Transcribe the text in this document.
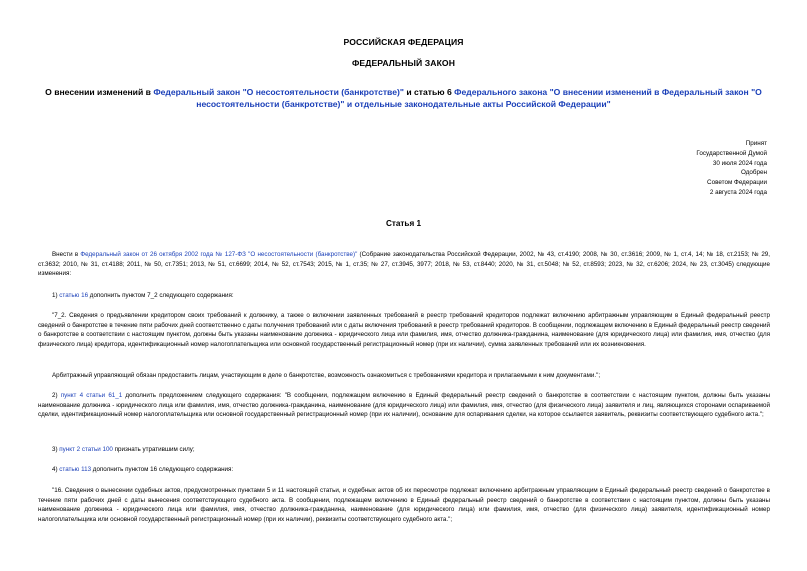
РОССИЙСКАЯ ФЕДЕРАЦИЯ
ФЕДЕРАЛЬНЫЙ ЗАКОН
О внесении изменений в Федеральный закон "О несостоятельности (банкротстве)" и статью 6 Федерального закона "О внесении изменений в Федеральный закон "О несостоятельности (банкротстве)" и отдельные законодательные акты Российской Федерации"
Принят
Государственной Думой
30 июля 2024 года
Одобрен
Советом Федерации
2 августа 2024 года
Статья 1
Внести в Федеральный закон от 26 октября 2002 года № 127-ФЗ "О несостоятельности (банкротстве)" (Собрание законодательства Российской Федерации, 2002, № 43, ст.4190; 2008, № 30, ст.3616; 2009, № 1, ст.4, 14; № 18, ст.2153; № 29, ст.3632; 2010, № 31, ст.4188; 2011, № 50, ст.7351; 2013, № 51, ст.6699; 2014, № 52, ст.7543; 2015, № 1, ст.35; № 27, ст.3945, 3977; 2018, № 53, ст.8440; 2020, № 31, ст.5048; № 52, ст.8593; 2023, № 32, ст.6206; 2024, № 23, ст.3045) следующие изменения:
1) статью 16 дополнить пунктом 7_2 следующего содержания:
"7_2. Сведения о предъявлении кредитором своих требований к должнику, а также о включении заявленных требований в реестр требований кредиторов подлежат включению арбитражным управляющим в Единый федеральный реестр сведений о банкротстве в течение пяти рабочих дней соответственно с даты получения требований или с даты включения требований в реестр требований кредиторов. В сообщении, подлежащем включению в Единый федеральный реестр сведений о банкротстве в соответствии с настоящим пунктом, должны быть указаны наименование должника - юридического лица или фамилия, имя, отчество должника-гражданина, наименование (для юридического лица) или фамилия, имя, отчество (для физического лица) кредитора, идентификационный номер налогоплательщика или основной государственный регистрационный номер (при их наличии), сумма заявленных требований или их возникновения.
Арбитражный управляющий обязан предоставить лицам, участвующим в деле о банкротстве, возможность ознакомиться с требованиями кредитора и прилагаемыми к ним документами.";
2) пункт 4 статьи 61_1 дополнить предложением следующего содержания: "В сообщении, подлежащем включению в Единый федеральный реестр сведений о банкротстве в соответствии с настоящим пунктом, должны быть указаны наименование должника - юридического лица или фамилия, имя, отчество должника-гражданина, наименование (для юридического лица) или фамилия, имя, отчество (для физического лица) заявителя и лиц, являющихся сторонами оспариваемой сделки, идентификационный номер налогоплательщика или основной государственный регистрационный номер (при их наличии), основание для оспаривания сделки, на которое ссылается заявитель, реквизиты соответствующего судебного акта.";
3) пункт 2 статьи 100 признать утратившим силу;
4) статью 113 дополнить пунктом 16 следующего содержания:
"16. Сведения о вынесении судебных актов, предусмотренных пунктами 5 и 11 настоящей статьи, и судебных актов об их пересмотре подлежат включению арбитражным управляющим в Единый федеральный реестр сведений о банкротстве в течение пяти рабочих дней с даты вынесения соответствующего судебного акта. В сообщении, подлежащем включению в Единый федеральный реестр сведений о банкротстве в соответствии с настоящим пунктом, должны быть указаны наименование должника - юридического лица или фамилия, имя, отчество должника-гражданина, наименование (для юридического лица) или фамилия, имя, отчество (для физического лица) заявителя, идентификационный номер налогоплательщика или основной государственный регистрационный номер (при их наличии), реквизиты соответствующего судебного акта.";
